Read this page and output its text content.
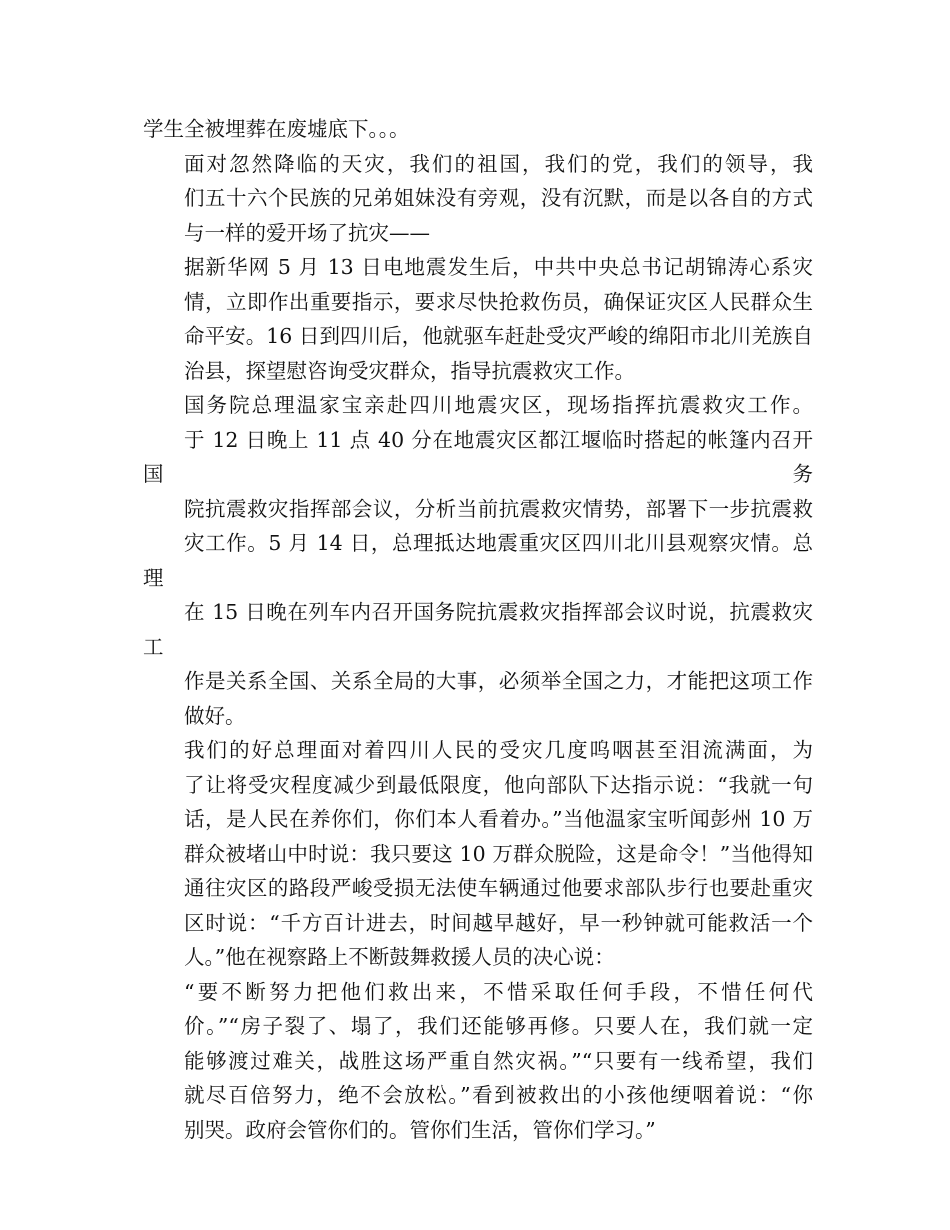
学生全被埋葬在废墟底下。。。

面对忽然降临的天灾，我们的祖国，我们的党，我们的领导，我
们五十六个民族的兄弟姐妹没有旁观，没有沉默，而是以各自的方式
与一样的爱开场了抗灾——

据新华网 5 月 13 日电地震发生后，中共中央总书记胡锦涛心系灾
情，立即作出重要指示，要求尽快抢救伤员，确保证灾区人民群众生
命平安。16 日到四川后，他就驱车赶赴受灾严峻的绵阳市北川羌族自
治县，探望慰咨询受灾群众，指导抗震救灾工作。

国务院总理温家宝亲赴四川地震灾区，现场指挥抗震救灾工作。
于 12 日晚上 11 点 40 分在地震灾区都江堰临时搭起的帐篷内召开国务
院抗震救灾指挥部会议，分析当前抗震救灾情势，部署下一步抗震救
灾工作。5 月 14 日，总理抵达地震重灾区四川北川县观察灾情。总理
在 15 日晚在列车内召开国务院抗震救灾指挥部会议时说，抗震救灾工
作是关系全国、关系全局的大事，必须举全国之力，才能把这项工作
做好。

我们的好总理面对着四川人民的受灾几度呜咽甚至泪流满面，为
了让将受灾程度减少到最低限度，他向部队下达指示说：“我就一句
话，是人民在养你们，你们本人看着办。”当他温家宝听闻彭州 10 万
群众被堵山中时说：我只要这 10 万群众脱险，这是命令！”当他得知
通往灾区的路段严峻受损无法使车辆通过他要求部队步行也要赴重灾
区时说：“千方百计进去，时间越早越好，早一秒钟就可能救活一个
人。”他在视察路上不断鼓舞救援人员的决心说：

“要不断努力把他们救出来，不惜采取任何手段，不惜任何代
价。”“房子裂了、塌了，我们还能够再修。只要人在，我们就一定
能够渡过难关，战胜这场严重自然灾祸。”“只要有一线希望，我们
就尽百倍努力，绝不会放松。”看到被救出的小孩他绠咽着说：“你
别哭。政府会管你们的。管你们生活，管你们学习。”
